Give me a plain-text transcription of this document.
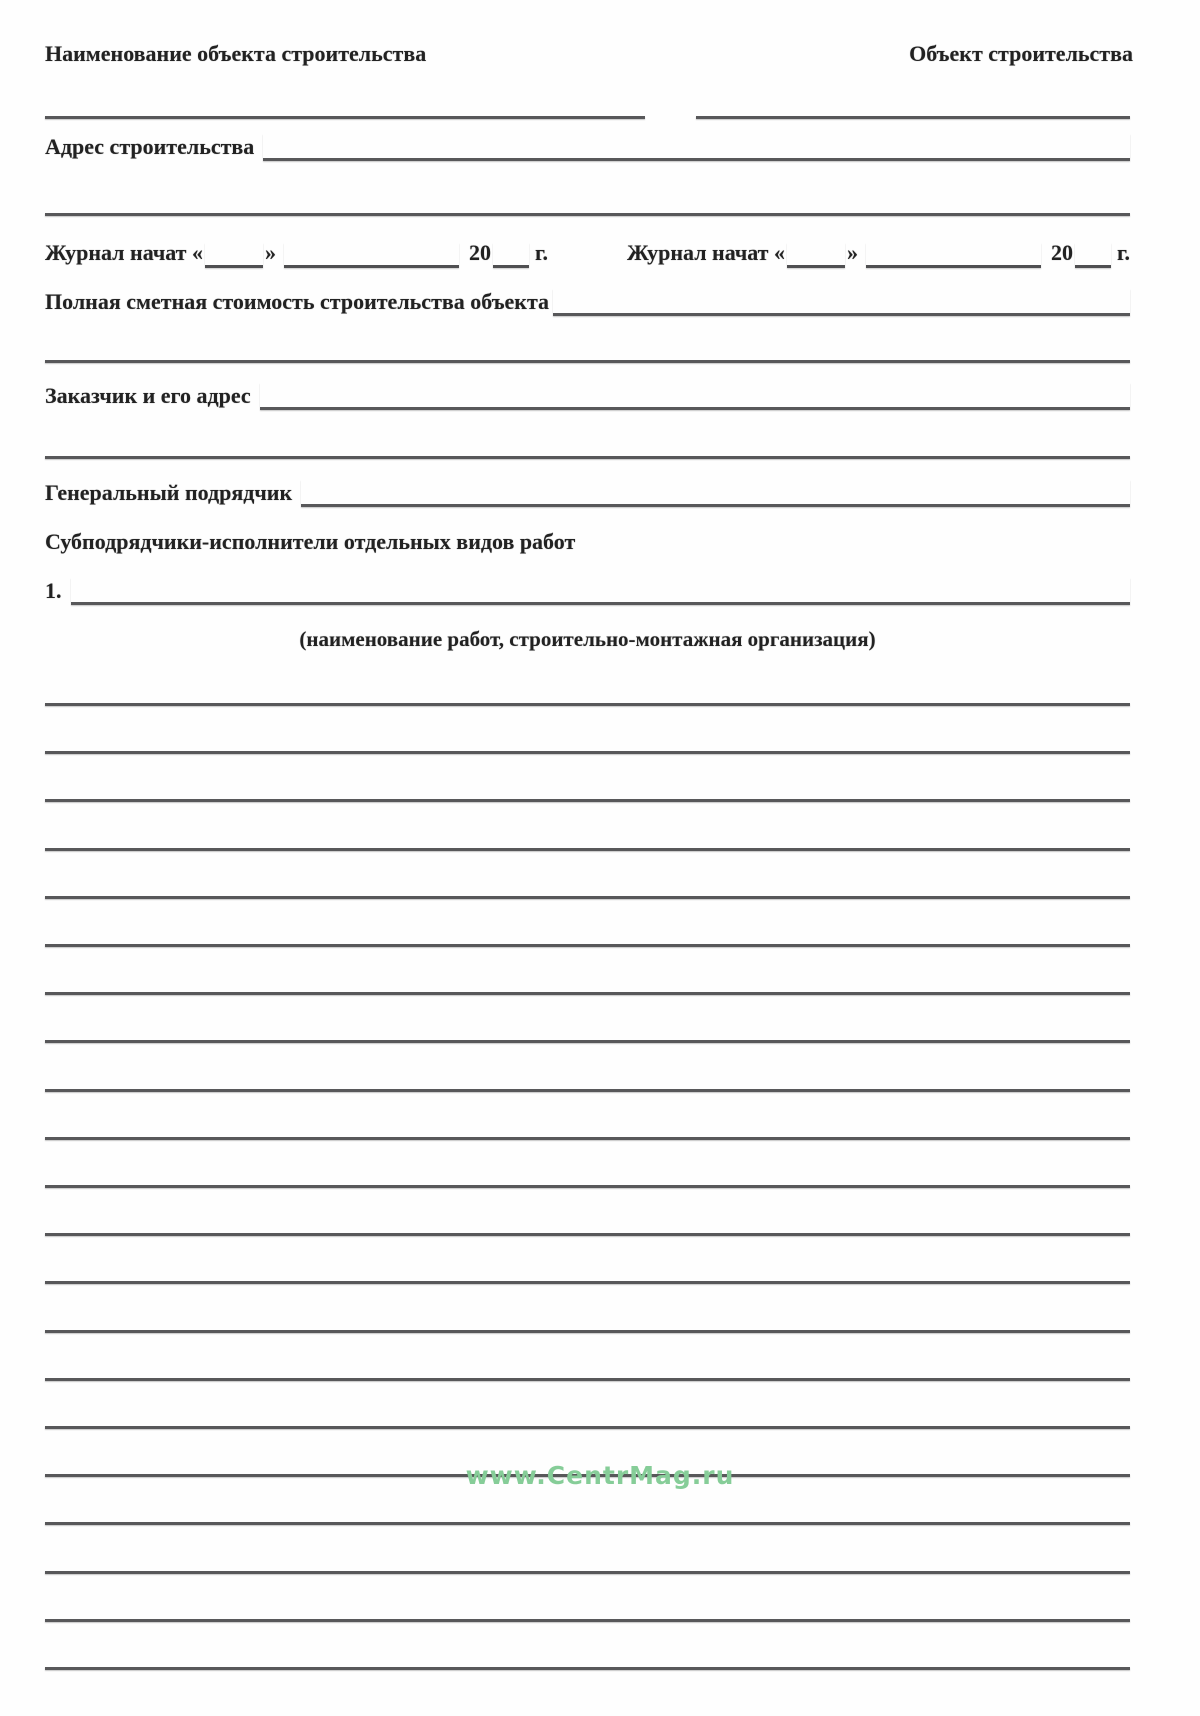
Наименование объекта строительства	Объект строительства
Адрес строительства
Журнал начат «	»	20 г.	Журнал начат «	»	20 г.
Полная сметная стоимость строительства объекта
Заказчик и его адрес
Генеральный подрядчик
Субподрядчики-исполнители отдельных видов работ
1.
(наименование работ, строительно-монтажная организация)
www.CentrMag.ru
